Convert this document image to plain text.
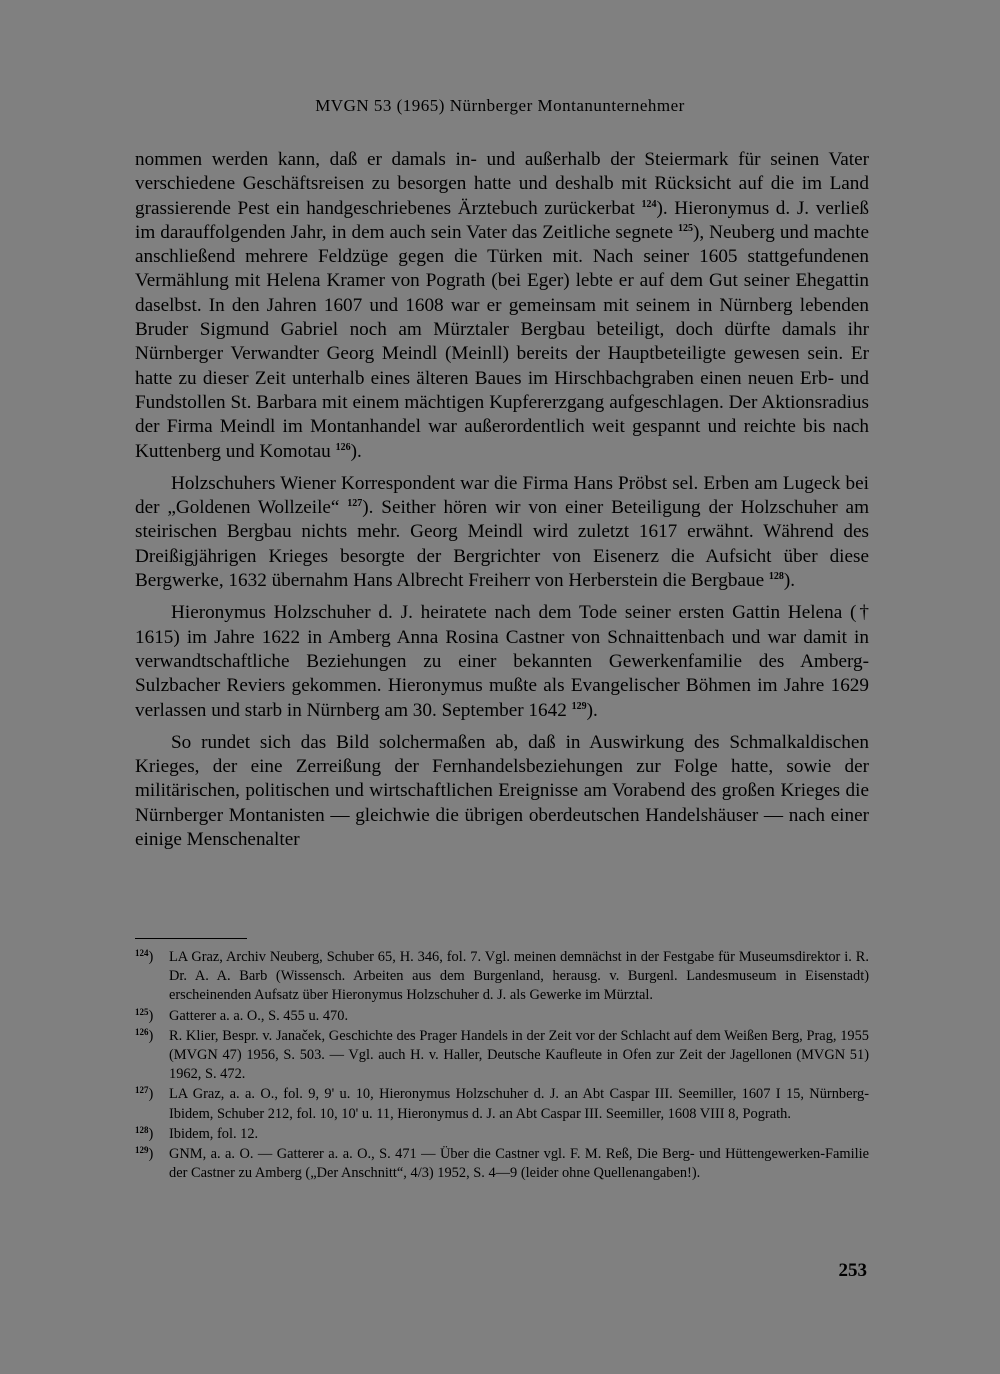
MVGN 53 (1965) Nürnberger Montanunternehmer

nommen werden kann, daß er damals in- und außerhalb der Steiermark für seinen Vater verschiedene Geschäftsreisen zu besorgen hatte und deshalb mit Rücksicht auf die im Land grassierende Pest ein handgeschriebenes Ärztebuch zurückerbat $^{124}$). Hieronymus d. J. verließ im darauffolgenden Jahr, in dem auch sein Vater das Zeitliche segnete $^{125}$), Neuberg und machte anschließend mehrere Feldzüge gegen die Türken mit. Nach seiner 1605 stattgefundenen Vermählung mit Helena Kramer von Pograth (bei Eger) lebte er auf dem Gut seiner Ehegattin daselbst. In den Jahren 1607 und 1608 war er gemeinsam mit seinem in Nürnberg lebenden Bruder Sigmund Gabriel noch am Mürztaler Bergbau beteiligt, doch dürfte damals ihr Nürnberger Verwandter Georg Meindl (Meinll) bereits der Hauptbeteiligte gewesen sein. Er hatte zu dieser Zeit unterhalb eines älteren Baues im Hirschbachgraben einen neuen Erb- und Fundstollen St. Barbara mit einem mächtigen Kupfererzgang aufgeschlagen. Der Aktionsradius der Firma Meindl im Montanhandel war außerordentlich weit gespannt und reichte bis nach Kuttenberg und Komotau $^{126}$).

Holzschuhers Wiener Korrespondent war die Firma Hans Pröbst sel. Erben am Lugeck bei der „Goldenen Wollzeile“ $^{127}$). Seither hören wir von einer Beteiligung der Holzschuher am steirischen Bergbau nichts mehr. Georg Meindl wird zuletzt 1617 erwähnt. Während des Dreißigjährigen Krieges besorgte der Bergrichter von Eisenerz die Aufsicht über diese Bergwerke, 1632 übernahm Hans Albrecht Freiherr von Herberstein die Bergbaue $^{128}$).

Hieronymus Holzschuher d. J. heiratete nach dem Tode seiner ersten Gattin Helena († 1615) im Jahre 1622 in Amberg Anna Rosina Castner von Schnaittenbach und war damit in verwandtschaftliche Beziehungen zu einer bekannten Gewerkenfamilie des Amberg-Sulzbacher Reviers gekommen. Hieronymus mußte als Evangelischer Böhmen im Jahre 1629 verlassen und starb in Nürnberg am 30. September 1642 $^{129}$).

So rundet sich das Bild solchermaßen ab, daß in Auswirkung des Schmalkaldischen Krieges, der eine Zerreißung der Fernhandelsbeziehungen zur Folge hatte, sowie der militärischen, politischen und wirtschaftlichen Ereignisse am Vorabend des großen Krieges die Nürnberger Montanisten — gleichwie die übrigen oberdeutschen Handelshäuser — nach einer einige Menschenalter

$^{124}$)	LA Graz, Archiv Neuberg, Schuber 65, H. 346, fol. 7. Vgl. meinen demnächst in der Festgabe für Museumsdirektor i. R. Dr. A. A. Barb (Wissensch. Arbeiten aus dem Burgenland, herausg. v. Burgenl. Landesmuseum in Eisenstadt) erscheinenden Aufsatz über Hieronymus Holzschuher d. J. als Gewerke im Mürztal.
$^{125}$)	Gatterer a. a. O., S. 455 u. 470.
$^{126}$)	R. Klier, Bespr. v. Janaček, Geschichte des Prager Handels in der Zeit vor der Schlacht auf dem Weißen Berg, Prag, 1955 (MVGN 47) 1956, S. 503. — Vgl. auch H. v. Haller, Deutsche Kaufleute in Ofen zur Zeit der Jagellonen (MVGN 51) 1962, S. 472.
$^{127}$)	LA Graz, a. a. O., fol. 9, 9' u. 10, Hieronymus Holzschuher d. J. an Abt Caspar III. Seemiller, 1607 I 15, Nürnberg-Ibidem, Schuber 212, fol. 10, 10' u. 11, Hieronymus d. J. an Abt Caspar III. Seemiller, 1608 VIII 8, Pograth.
$^{128}$)	Ibidem, fol. 12.
$^{129}$)	GNM, a. a. O. — Gatterer a. a. O., S. 471 — Über die Castner vgl. F. M. Reß, Die Berg- und Hüttengewerken-Familie der Castner zu Amberg („Der Anschnitt“, 4/3) 1952, S. 4—9 (leider ohne Quellenangaben!).
253
